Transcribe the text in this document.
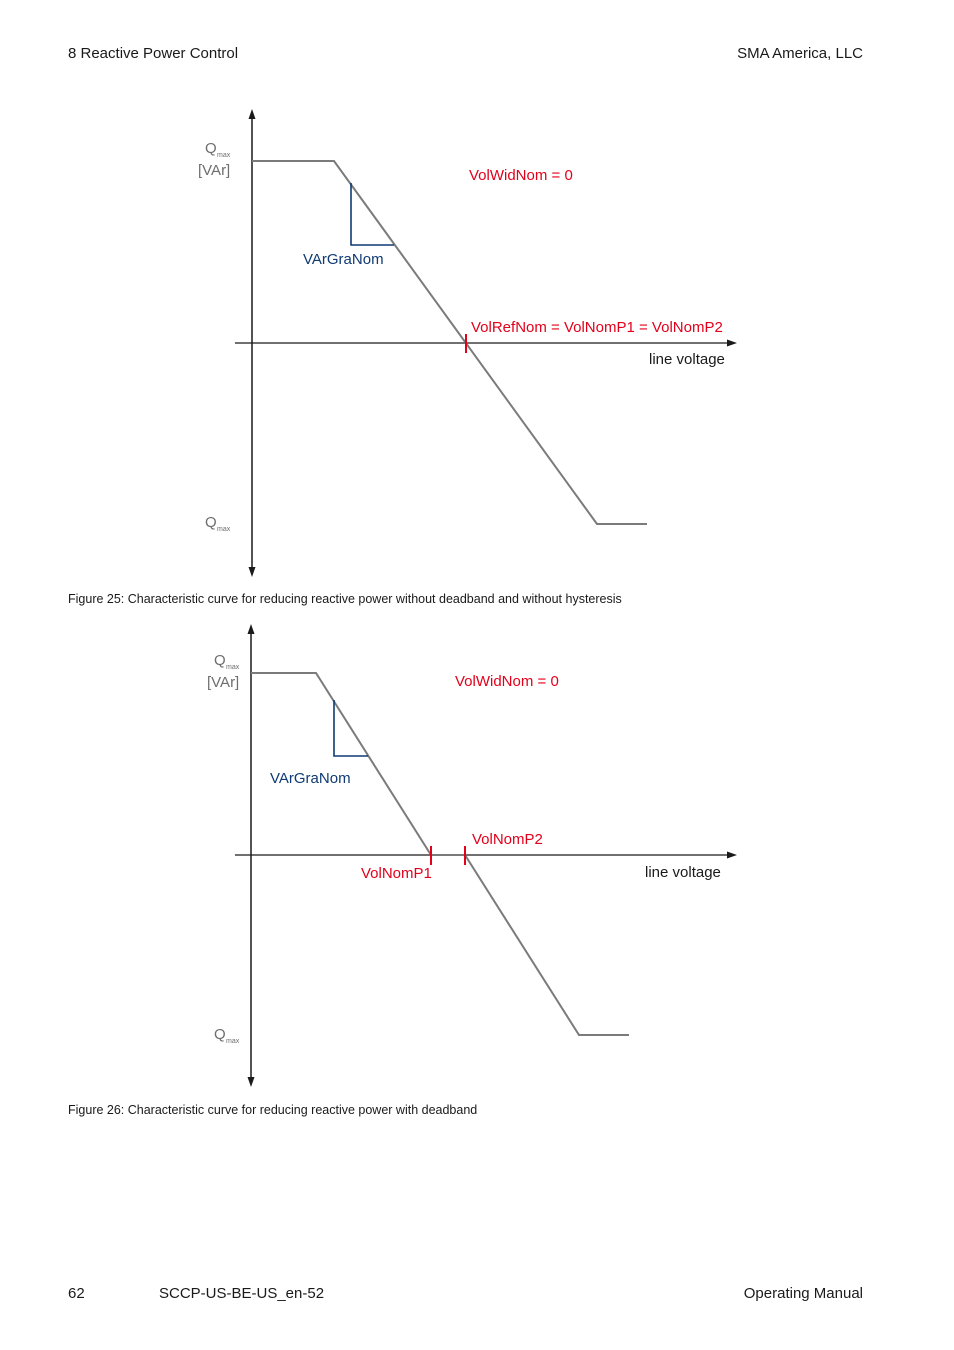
8 Reactive Power Control	SMA America, LLC
Q max
[VAr]
Q max
VolWidNom = 0
VArGraNom
VolRefNom = VolNomP1 = VolNomP2
line voltage
Figure 25: Characteristic curve for reducing reactive power without deadband and without hysteresis
Q max
[VAr]
Q max
VolWidNom = 0
VArGraNom
VolNomP2
VolNomP1	line voltage
Figure 26: Characteristic curve for reducing reactive power with deadband
62	SCCP-US-BE-US_en-52	Operating Manual
